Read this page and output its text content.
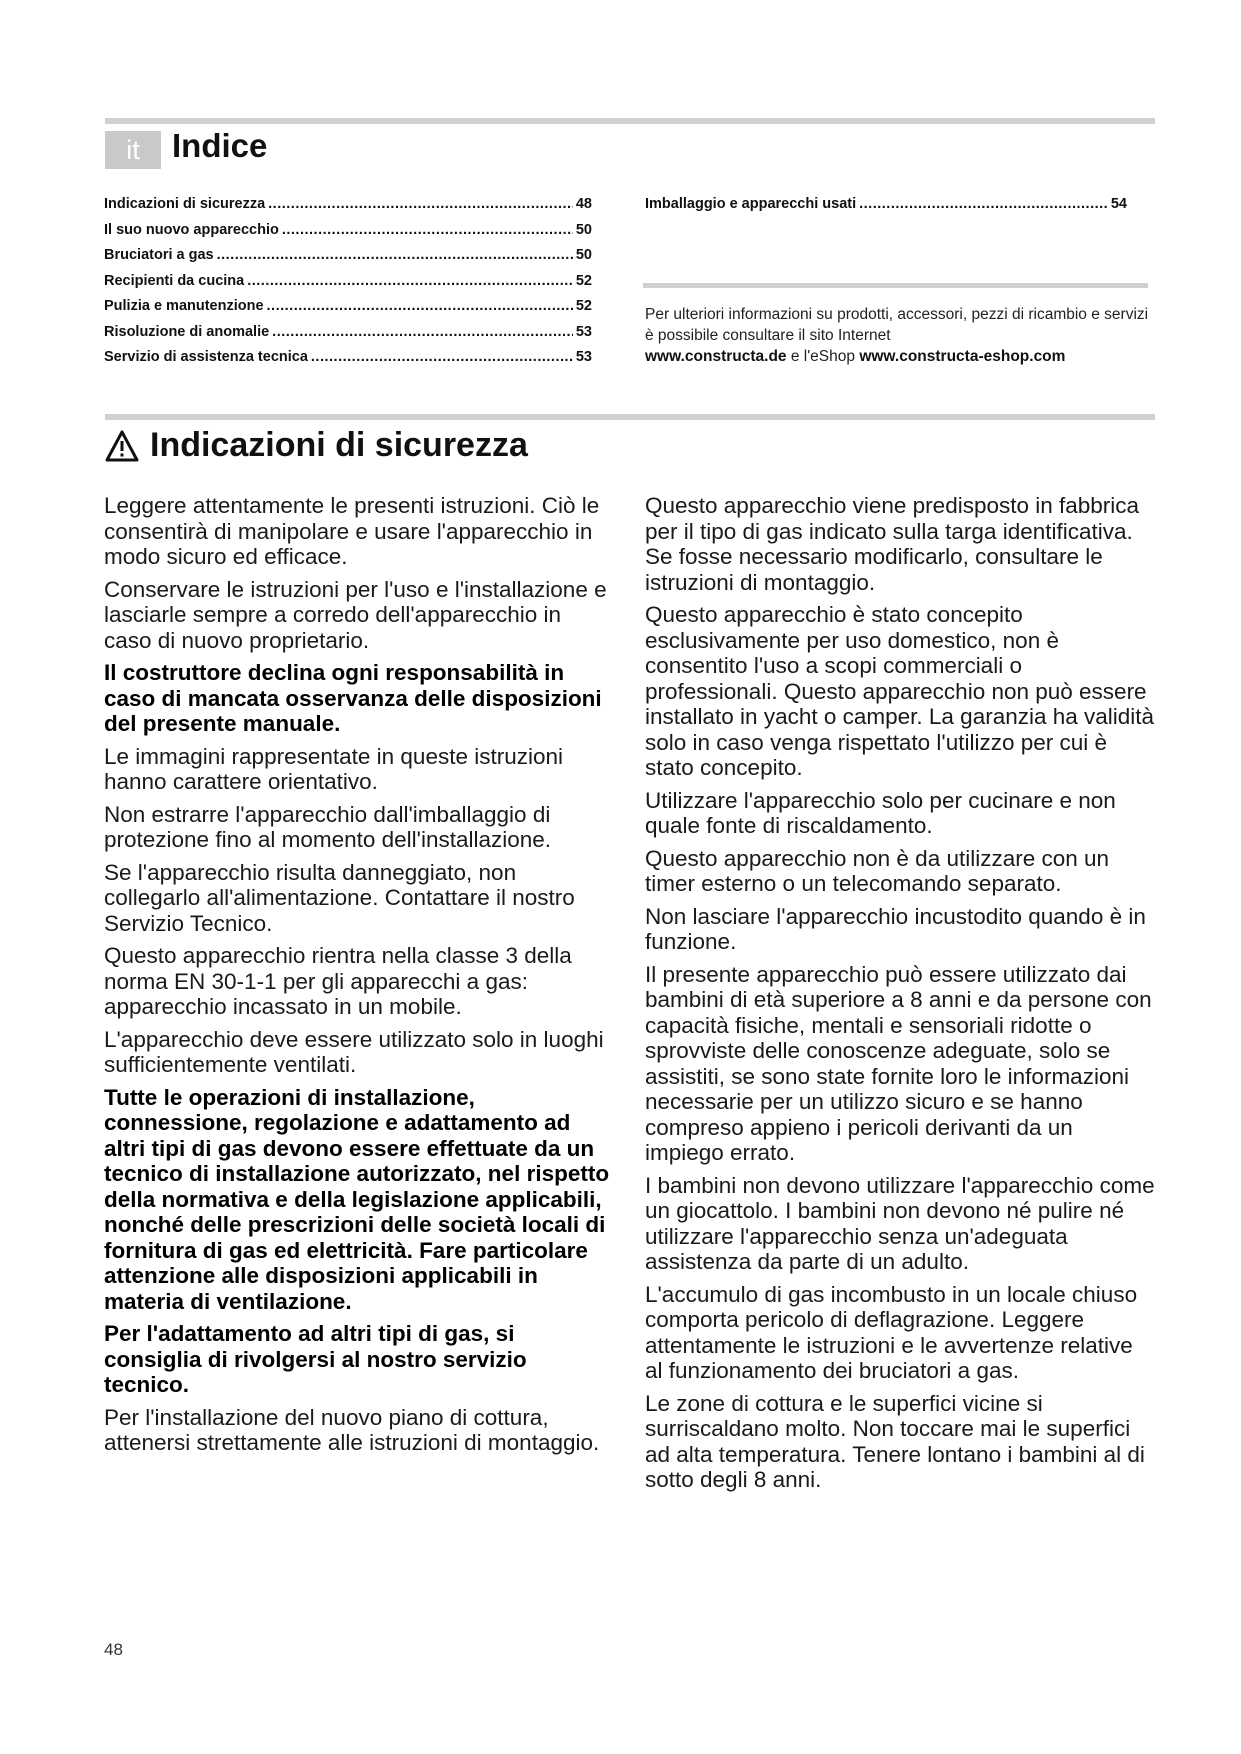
it Indice
Indicazioni di sicurezza .....	48
Il suo nuovo apparecchio .....	50
Bruciatori a gas .....	50
Recipienti da cucina .....	52
Pulizia e manutenzione .....	52
Risoluzione di anomalie .....	53
Servizio di assistenza tecnica .....	53
Imballaggio e apparecchi usati .....	54
Per ulteriori informazioni su prodotti, accessori, pezzi di ricambio e servizi è possibile consultare il sito Internet
www.constructa.de e l'eShop www.constructa-eshop.com
Indicazioni di sicurezza

Leggere attentamente le presenti istruzioni. Ciò le consentirà di manipolare e usare l'apparecchio in modo sicuro ed efficace.

Conservare le istruzioni per l'uso e l'installazione e lasciarle sempre a corredo dell'apparecchio in caso di nuovo proprietario.

Il costruttore declina ogni responsabilità in caso di mancata osservanza delle disposizioni del presente manuale.

Le immagini rappresentate in queste istruzioni hanno carattere orientativo.

Non estrarre l'apparecchio dall'imballaggio di protezione fino al momento dell'installazione.

Se l'apparecchio risulta danneggiato, non collegarlo all'alimentazione. Contattare il nostro Servizio Tecnico.

Questo apparecchio rientra nella classe 3 della norma EN 30-1-1 per gli apparecchi a gas: apparecchio incassato in un mobile.

L'apparecchio deve essere utilizzato solo in luoghi sufficientemente ventilati.

Tutte le operazioni di installazione, connessione, regolazione e adattamento ad altri tipi di gas devono essere effettuate da un tecnico di installazione autorizzato, nel rispetto della normativa e della legislazione applicabili, nonché delle prescrizioni delle società locali di fornitura di gas ed elettricità. Fare particolare attenzione alle disposizioni applicabili in materia di ventilazione.

Per l'adattamento ad altri tipi di gas, si consiglia di rivolgersi al nostro servizio tecnico.

Per l'installazione del nuovo piano di cottura, attenersi strettamente alle istruzioni di montaggio.

Questo apparecchio viene predisposto in fabbrica per il tipo di gas indicato sulla targa identificativa. Se fosse necessario modificarlo, consultare le istruzioni di montaggio.

Questo apparecchio è stato concepito esclusivamente per uso domestico, non è consentito l'uso a scopi commerciali o professionali. Questo apparecchio non può essere installato in yacht o camper. La garanzia ha validità solo in caso venga rispettato l'utilizzo per cui è stato concepito.

Utilizzare l'apparecchio solo per cucinare e non quale fonte di riscaldamento.

Questo apparecchio non è da utilizzare con un timer esterno o un telecomando separato.

Non lasciare l'apparecchio incustodito quando è in funzione.

Il presente apparecchio può essere utilizzato dai bambini di età superiore a 8 anni e da persone con capacità fisiche, mentali e sensoriali ridotte o sprovviste delle conoscenze adeguate, solo se assistiti, se sono state fornite loro le informazioni necessarie per un utilizzo sicuro e se hanno compreso appieno i pericoli derivanti da un impiego errato.

I bambini non devono utilizzare l'apparecchio come un giocattolo. I bambini non devono né pulire né utilizzare l'apparecchio senza un'adeguata assistenza da parte di un adulto.

L'accumulo di gas incombusto in un locale chiuso comporta pericolo di deflagrazione. Leggere attentamente le istruzioni e le avvertenze relative al funzionamento dei bruciatori a gas.

Le zone di cottura e le superfici vicine si surriscaldano molto. Non toccare mai le superfici ad alta temperatura. Tenere lontano i bambini al di sotto degli 8 anni.

48
